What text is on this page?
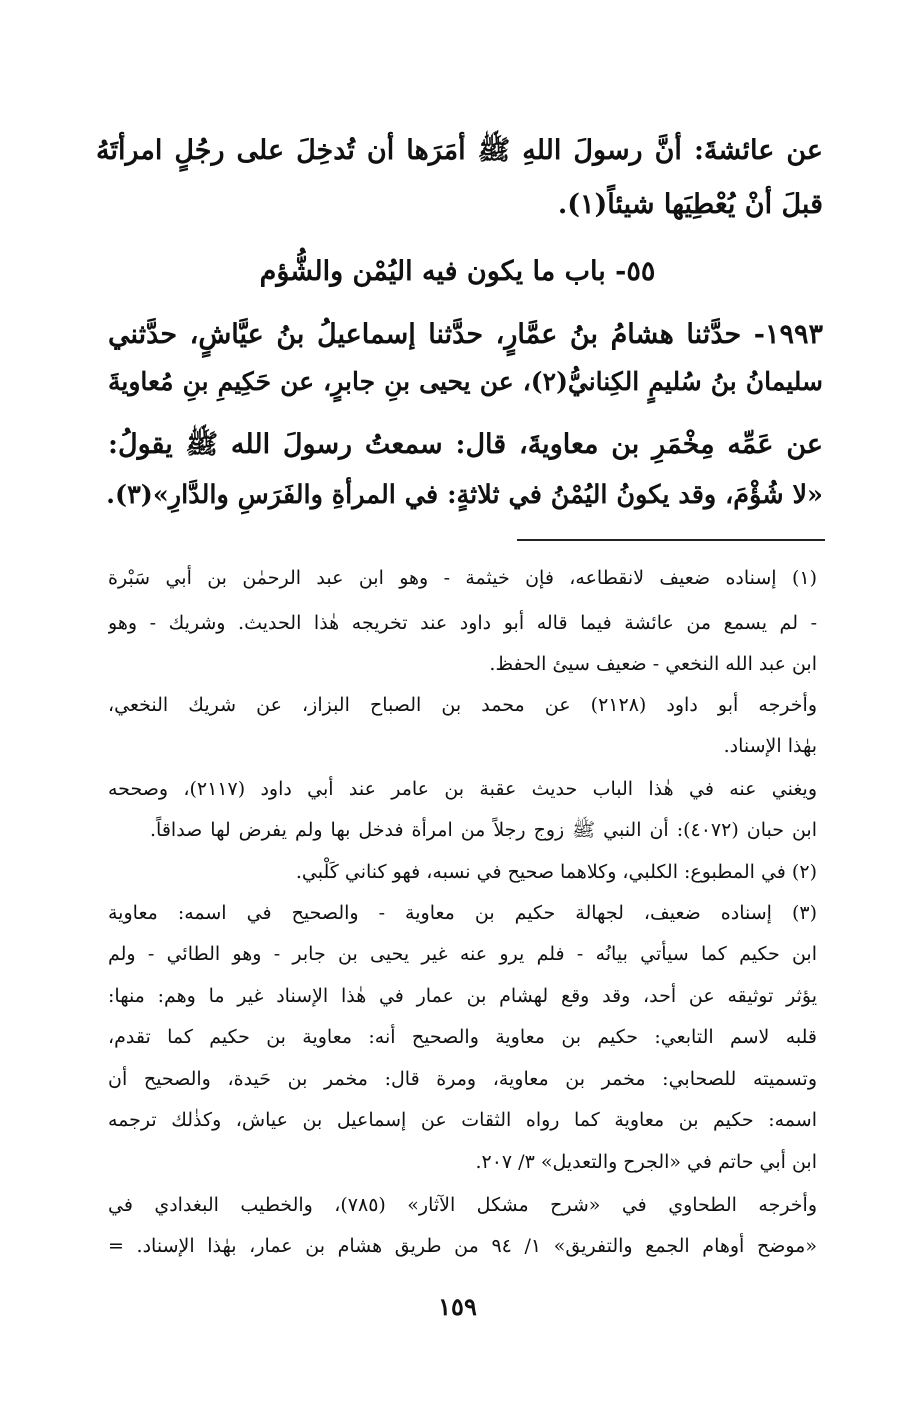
عن عائشةَ: أنَّ رسولَ اللهِ ﷺ أمَرَها أن تُدخِلَ على رجُلٍ امرأتَهُ
قبلَ أنْ يُعْطِيَها شيئاً(١).
٥٥- باب ما يكون فيه اليُمْن والشُّؤم
١٩٩٣- حدَّثنا هشامُ بنُ عمَّارٍ، حدَّثنا إسماعيلُ بنُ عيَّاشٍ، حدَّثني
سليمانُ بنُ سُليمٍ الكِنانيُّ(٢)، عن يحيى بنِ جابرٍ، عن حَكِيمِ بنِ مُعاويةَ
عن عَمِّه مِخْمَرِ بن معاويةَ، قال: سمعتُ رسولَ الله ﷺ يقولُ:
«لا شُؤْمَ، وقد يكونُ اليُمْنُ في ثلاثةٍ: في المرأةِ والفَرَسِ والدَّارِ»(٣).
(١) إسناده ضعيف لانقطاعه، فإن خيثمة - وهو ابن عبد الرحمٰن بن أبي سَبْرة
- لم يسمع من عائشة فيما قاله أبو داود عند تخريجه هٰذا الحديث. وشريك - وهو
ابن عبد الله النخعي - ضعيف سيئ الحفظ.
وأخرجه أبو داود (٢١٢٨) عن محمد بن الصباح البزاز، عن شريك النخعي،
بهٰذا الإسناد.
ويغني عنه في هٰذا الباب حديث عقبة بن عامر عند أبي داود (٢١١٧)، وصححه
ابن حبان (٤٠٧٢): أن النبي ﷺ زوج رجلاً من امرأة فدخل بها ولم يفرض لها صداقاً.
(٢) في المطبوع: الكلبي، وكلاهما صحيح في نسبه، فهو كناني كَلْبي.
(٣) إسناده ضعيف، لجهالة حكيم بن معاوية - والصحيح في اسمه: معاوية
ابن حكيم كما سيأتي بيانُه - فلم يرو عنه غير يحيى بن جابر - وهو الطائي - ولم
يؤثر توثيقه عن أحد، وقد وقع لهشام بن عمار في هٰذا الإسناد غير ما وهم: منها:
قلبه لاسم التابعي: حكيم بن معاوية والصحيح أنه: معاوية بن حكيم كما تقدم،
وتسميته للصحابي: مخمر بن معاوية، ومرة قال: مخمر بن حَيدة، والصحيح أن
اسمه: حكيم بن معاوية كما رواه الثقات عن إسماعيل بن عياش، وكذٰلك ترجمه
ابن أبي حاتم في «الجرح والتعديل» ٣/ ٢٠٧.
وأخرجه الطحاوي في «شرح مشكل الآثار» (٧٨٥)، والخطيب البغدادي في
«موضح أوهام الجمع والتفريق» ١/ ٩٤ من طريق هشام بن عمار، بهٰذا الإسناد. =
١٥٩
